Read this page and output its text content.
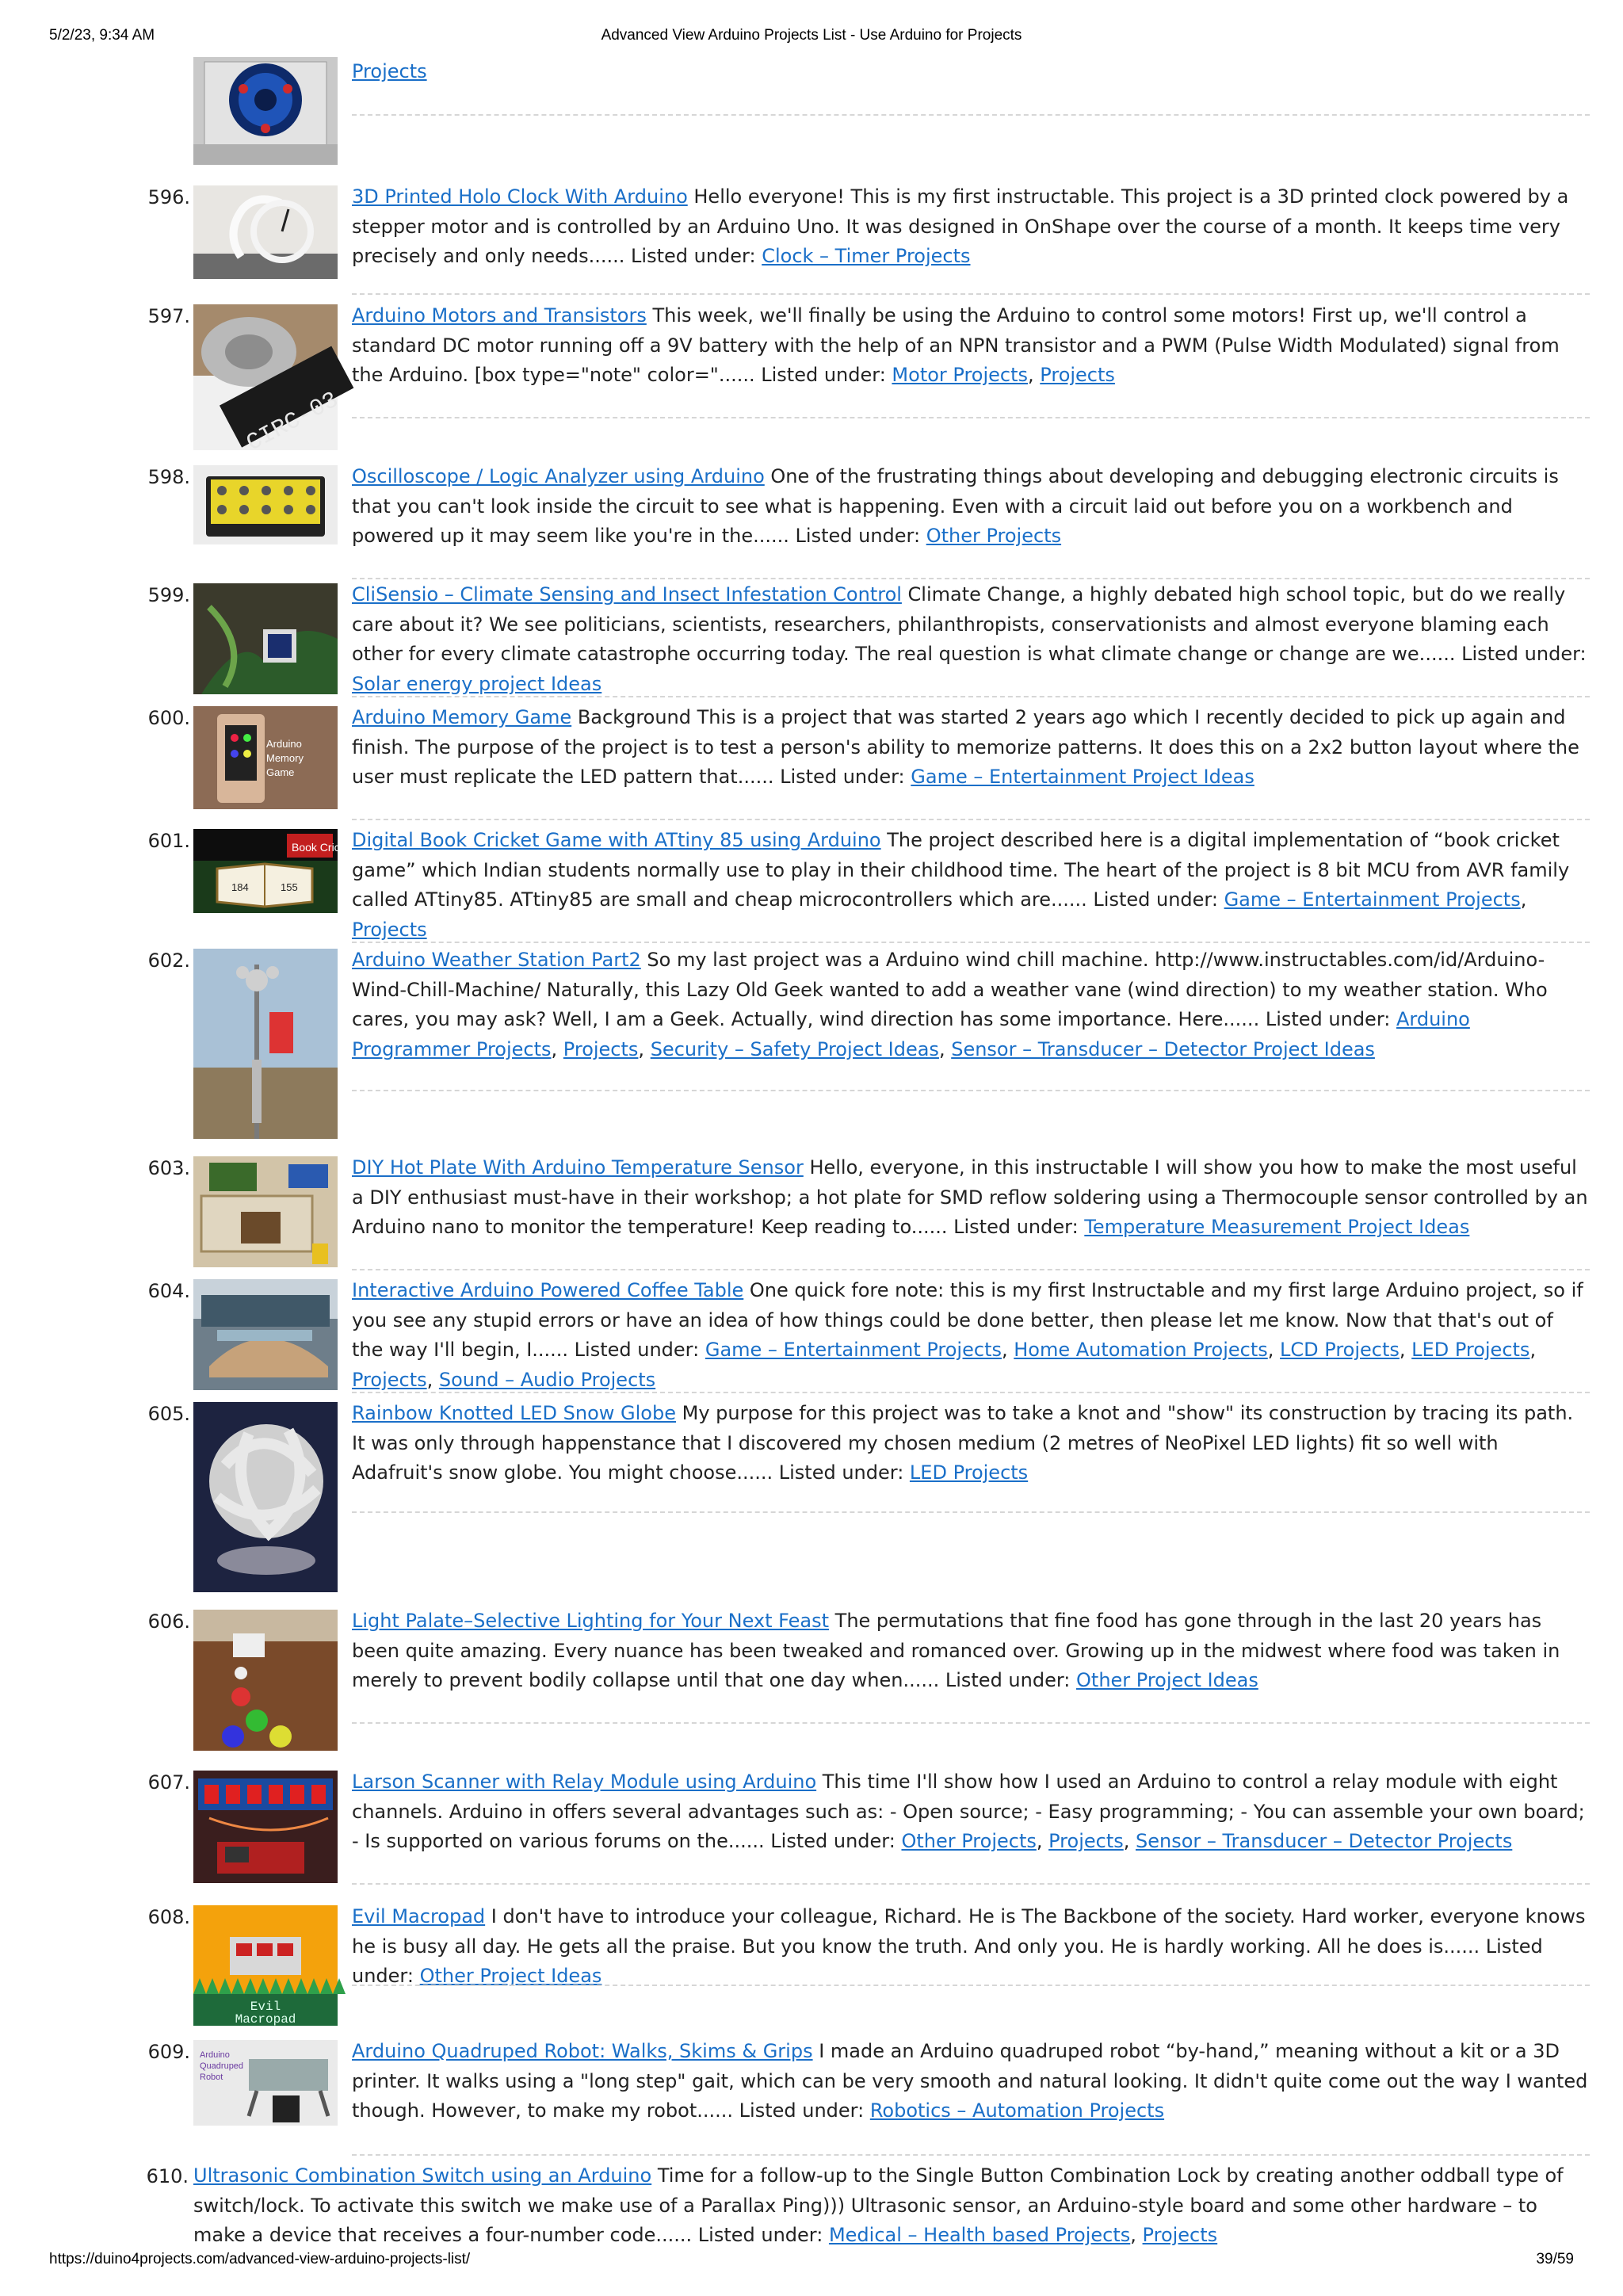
5/2/23, 9:34 AM	Advanced View Arduino Projects List - Use Arduino for Projects
Projects
596.	3D Printed Holo Clock With Arduino Hello everyone! This is my first instructable. This project is a 3D printed clock powered by a stepper motor and is controlled by an Arduino Uno. It was designed in OnShape over the course of a month. It keeps time very precisely and only needs...... Listed under: Clock – Timer Projects
597.
CIRC-03
Arduino Motors and Transistors This week, we'll finally be using the Arduino to control some motors! First up, we'll control a standard DC motor running off a 9V battery with the help of an NPN transistor and a PWM (Pulse Width Modulated) signal from the Arduino. [box type="note" color="...... Listed under: Motor Projects, Projects
598.	Oscilloscope / Logic Analyzer using Arduino One of the frustrating things about developing and debugging electronic circuits is that you can't look inside the circuit to see what is happening. Even with a circuit laid out before you on a workbench and powered up it may seem like you're in the...... Listed under: Other Projects
599.	CliSensio – Climate Sensing and Insect Infestation Control Climate Change, a highly debated high school topic, but do we really care about it? We see politicians, scientists, researchers, philanthropists, conservationists and almost everyone blaming each other for every climate catastrophe occurring today. The real question is what climate change or change are we...... Listed under: Solar energy project Ideas
600.
Arduino
Memory
Game
Arduino Memory Game Background This is a project that was started 2 years ago which I recently decided to pick up again and finish. The purpose of the project is to test a person's ability to memorize patterns. It does this on a 2x2 button layout where the user must replicate the LED pattern that...... Listed under: Game – Entertainment Project Ideas
601.	Book Cricket
184	155
Digital Book Cricket Game with ATtiny 85 using Arduino The project described here is a digital implementation of “book cricket game” which Indian students normally use to play in their childhood time. The heart of the project is 8 bit MCU from AVR family called ATtiny85. ATtiny85 are small and cheap microcontrollers which are...... Listed under: Game – Entertainment Projects, Projects
602.	Arduino Weather Station Part2 So my last project was a Arduino wind chill machine. http://www.instructables.com/id/Arduino-Wind-Chill-Machine/ Naturally, this Lazy Old Geek wanted to add a weather vane (wind direction) to my weather station. Who cares, you may ask? Well, I am a Geek. Actually, wind direction has some importance. Here...... Listed under: Arduino Programmer Projects, Projects, Security – Safety Project Ideas, Sensor – Transducer – Detector Project Ideas
603.	DIY Hot Plate With Arduino Temperature Sensor Hello, everyone, in this instructable I will show you how to make the most useful a DIY enthusiast must-have in their workshop; a hot plate for SMD reflow soldering using a Thermocouple sensor controlled by an Arduino nano to monitor the temperature! Keep reading to...... Listed under: Temperature Measurement Project Ideas
604.	Interactive Arduino Powered Coffee Table One quick fore note: this is my first Instructable and my first large Arduino project, so if you see any stupid errors or have an idea of how things could be done better, then please let me know. Now that that's out of the way I'll begin, I...... Listed under: Game – Entertainment Projects, Home Automation Projects, LCD Projects, LED Projects, Projects, Sound – Audio Projects
605.	Rainbow Knotted LED Snow Globe My purpose for this project was to take a knot and "show" its construction by tracing its path. It was only through happenstance that I discovered my chosen medium (2 metres of NeoPixel LED lights) fit so well with Adafruit's snow globe. You might choose...... Listed under: LED Projects
606.	Light Palate–Selective Lighting for Your Next Feast The permutations that fine food has gone through in the last 20 years has been quite amazing. Every nuance has been tweaked and romanced over. Growing up in the midwest where food was taken in merely to prevent bodily collapse until that one day when...... Listed under: Other Project Ideas
607.	Larson Scanner with Relay Module using Arduino This time I'll show how I used an Arduino to control a relay module with eight channels. Arduino in offers several advantages such as: - Open source; - Easy programming; - You can assemble your own board; - Is supported on various forums on the...... Listed under: Other Projects, Projects, Sensor – Transducer – Detector Projects
608.
Evil
Macropad
Evil Macropad I don't have to introduce your colleague, Richard. He is The Backbone of the society. Hard worker, everyone knows he is busy all day. He gets all the praise. But you know the truth. And only you. He is hardly working. All he does is...... Listed under: Other Project Ideas
609. Arduino
Quadruped
Robot
Arduino Quadruped Robot: Walks, Skims & Grips I made an Arduino quadruped robot “by-hand,” meaning without a kit or a 3D printer. It walks using a "long step" gait, which can be very smooth and natural looking. It didn't quite come out the way I wanted though. However, to make my robot...... Listed under: Robotics – Automation Projects
610. Ultrasonic Combination Switch using an Arduino Time for a follow-up to the Single Button Combination Lock by creating another oddball type of switch/lock. To activate this switch we make use of a Parallax Ping))) Ultrasonic sensor, an Arduino-style board and some other hardware – to make a device that receives a four-number code...... Listed under: Medical – Health based Projects, Projects
https://duino4projects.com/advanced-view-arduino-projects-list/	39/59
